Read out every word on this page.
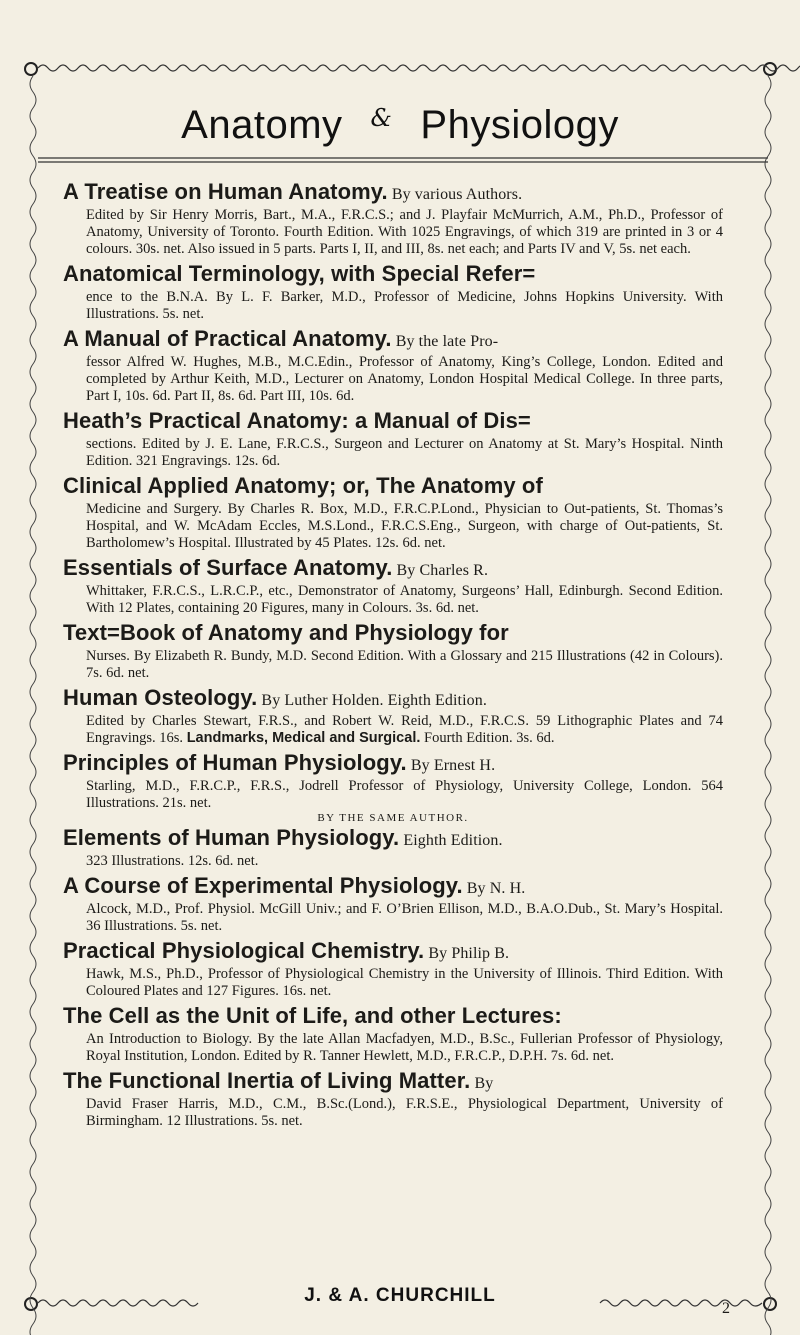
Anatomy & Physiology
A Treatise on Human Anatomy. By various Authors.
Edited by Sir Henry Morris, Bart., M.A., F.R.C.S.; and J. Playfair McMurrich, A.M., Ph.D., Professor of Anatomy, University of Toronto. Fourth Edition. With 1025 Engravings, of which 319 are printed in 3 or 4 colours. 30s. net. Also issued in 5 parts. Parts I, II, and III, 8s. net each; and Parts IV and V, 5s. net each.
Anatomical Terminology, with Special Refer=
ence to the B.N.A. By L. F. Barker, M.D., Professor of Medicine, Johns Hopkins University. With Illustrations. 5s. net.
A Manual of Practical Anatomy. By the late Pro-
fessor Alfred W. Hughes, M.B., M.C.Edin., Professor of Anatomy, King’s College, London. Edited and completed by Arthur Keith, M.D., Lecturer on Anatomy, London Hospital Medical College. In three parts, Part I, 10s. 6d. Part II, 8s. 6d. Part III, 10s. 6d.
Heath’s Practical Anatomy: a Manual of Dis=
sections. Edited by J. E. Lane, F.R.C.S., Surgeon and Lecturer on Anatomy at St. Mary’s Hospital. Ninth Edition. 321 Engravings. 12s. 6d.
Clinical Applied Anatomy; or, The Anatomy of
Medicine and Surgery. By Charles R. Box, M.D., F.R.C.P.Lond., Physician to Out-patients, St. Thomas’s Hospital, and W. McAdam Eccles, M.S.Lond., F.R.C.S.Eng., Surgeon, with charge of Out-patients, St. Bartholomew’s Hospital. Illustrated by 45 Plates. 12s. 6d. net.
Essentials of Surface Anatomy. By Charles R.
Whittaker, F.R.C.S., L.R.C.P., etc., Demonstrator of Anatomy, Surgeons’ Hall, Edinburgh. Second Edition. With 12 Plates, containing 20 Figures, many in Colours. 3s. 6d. net.
Text=Book of Anatomy and Physiology for
Nurses. By Elizabeth R. Bundy, M.D. Second Edition. With a Glossary and 215 Illustrations (42 in Colours). 7s. 6d. net.
Human Osteology. By Luther Holden. Eighth Edition.
Edited by Charles Stewart, F.R.S., and Robert W. Reid, M.D., F.R.C.S. 59 Lithographic Plates and 74 Engravings. 16s. Landmarks, Medical and Surgical. Fourth Edition. 3s. 6d.
Principles of Human Physiology. By Ernest H.
Starling, M.D., F.R.C.P., F.R.S., Jodrell Professor of Physiology, University College, London. 564 Illustrations. 21s. net.
BY THE SAME AUTHOR.
Elements of Human Physiology. Eighth Edition.
323 Illustrations. 12s. 6d. net.
A Course of Experimental Physiology. By N. H.
Alcock, M.D., Prof. Physiol. McGill Univ.; and F. O’Brien Ellison, M.D., B.A.O.Dub., St. Mary’s Hospital. 36 Illustrations. 5s. net.
Practical Physiological Chemistry. By Philip B.
Hawk, M.S., Ph.D., Professor of Physiological Chemistry in the University of Illinois. Third Edition. With Coloured Plates and 127 Figures. 16s. net.
The Cell as the Unit of Life, and other Lectures:
An Introduction to Biology. By the late Allan Macfadyen, M.D., B.Sc., Fullerian Professor of Physiology, Royal Institution, London. Edited by R. Tanner Hewlett, M.D., F.R.C.P., D.P.H. 7s. 6d. net.
The Functional Inertia of Living Matter. By
David Fraser Harris, M.D., C.M., B.Sc.(Lond.), F.R.S.E., Physiological Department, University of Birmingham. 12 Illustrations. 5s. net.
J. & A. CHURCHILL
2
